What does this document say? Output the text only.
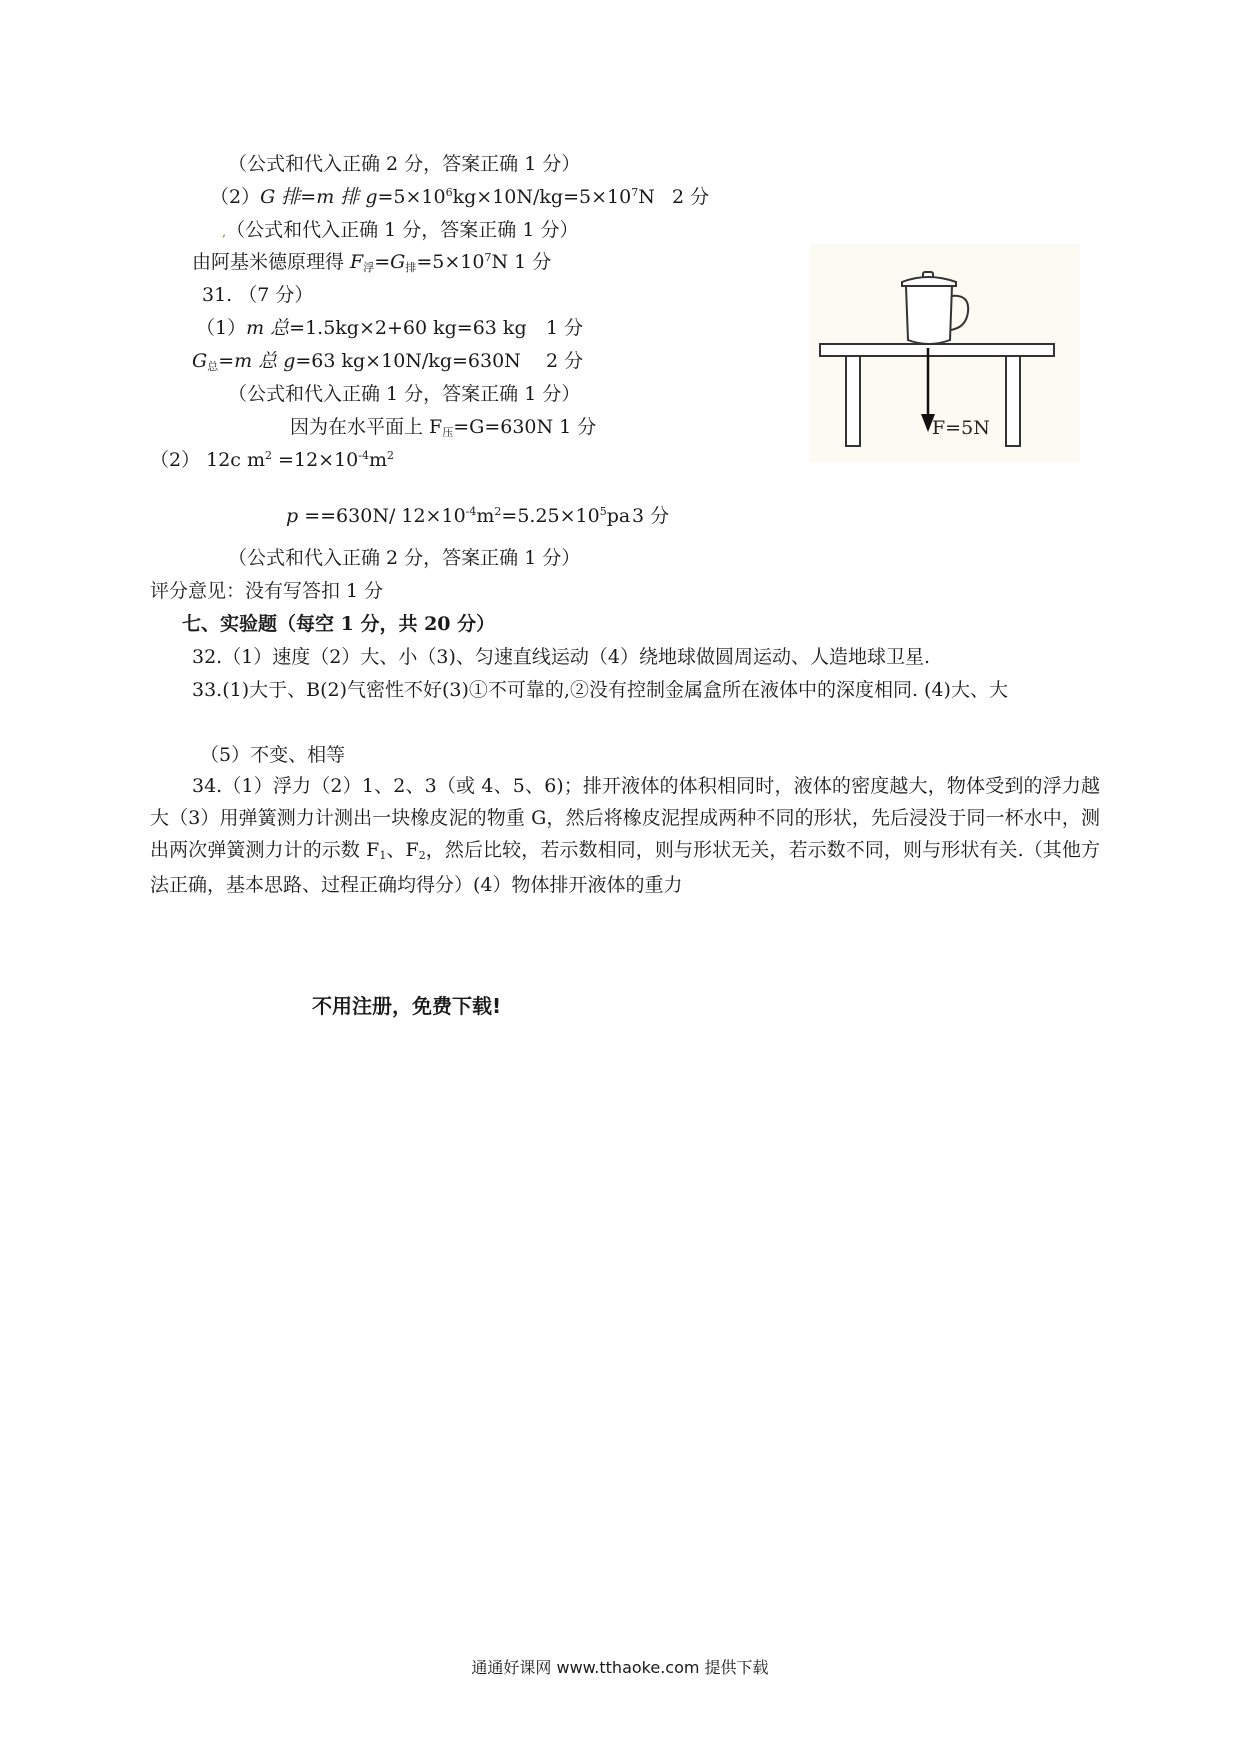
（公式和代入正确 2 分，答案正确 1 分）
（2）G 排=m 排 $g=5\times 10^6kg\times 10N/kg=5\times 10^7N$ 2 分
,（公式和代入正确 1 分，答案正确 1 分）
由阿基米德原理得 F浮=G排$=5\times 10^7N$ 1 分
31. （7 分）
（1）m 总=1.5kg×2+60 kg=63 kg 1 分
G总=m 总 g=63 kg×10N/kg=630N 2 分
（公式和代入正确 1 分，答案正确 1 分）
因为在水平面上 F压=G=630N 1 分
（2） 12c $m^2 =12\times 10^{-4}m^2$
p ==630N/ $12\times 10^{-4}m^2=5.25\times 10^5pa$ 3 分
（公式和代入正确 2 分，答案正确 1 分）
评分意见：没有写答扣 1 分
七、实验题（每空 1 分，共 20 分）
32.（1）速度（2）大、小（3)、匀速直线运动（4）绕地球做圆周运动、人造地球卫星.
33.(1)大于、B(2)气密性不好(3)①不可靠的,②没有控制金属盒所在液体中的深度相同. (4)大、大
（5）不变、相等
34.（1）浮力（2）1、2、3（或 4、5、6)；排开液体的体积相同时，液体的密度越大，物体受到的浮力越大（3）用弹簧测力计测出一块橡皮泥的物重 G，然后将橡皮泥捏成两种不同的形状，先后浸没于同一杯水中，测出两次弹簧测力计的示数 F1、F2，然后比较，若示数相同，则与形状无关，若示数不同，则与形状有关.（其他方法正确，基本思路、过程正确均得分）(4）物体排开液体的重力
不用注册，免费下载!
F=5N
通通好课网 www.tthaoke.com 提供下载
